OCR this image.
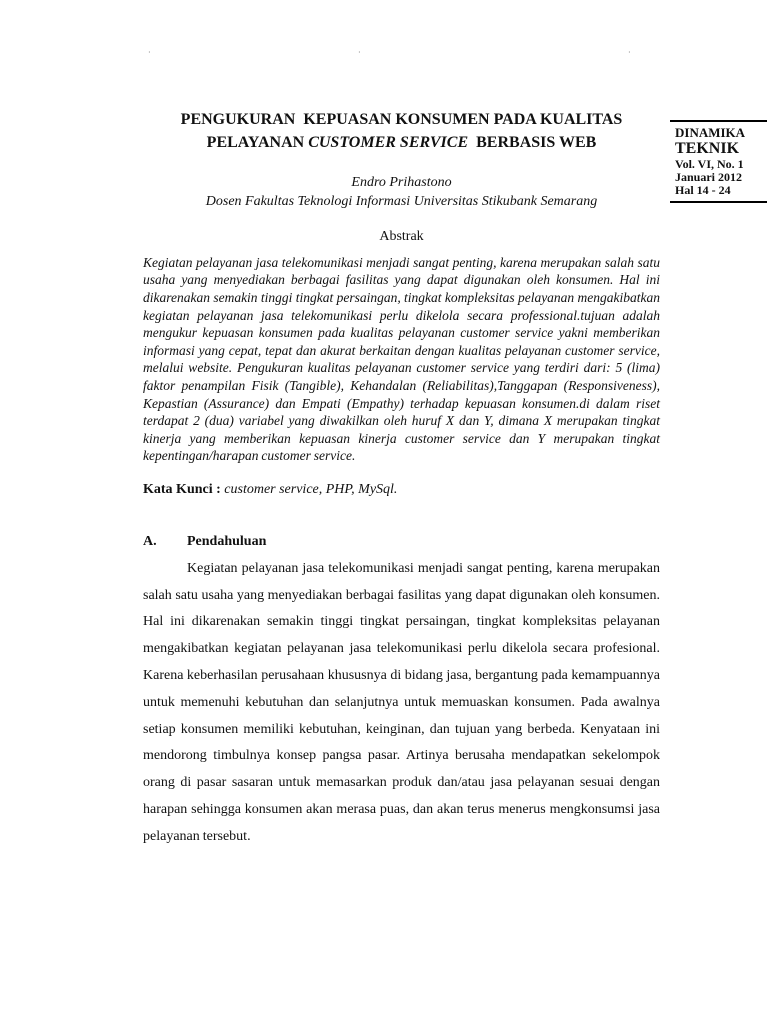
·	·	·
DINAMIKA
TEKNIK
Vol. VI, No. 1
Januari 2012
Hal 14 - 24
PENGUKURAN  KEPUASAN KONSUMEN PADA KUALITAS
PELAYANAN CUSTOMER SERVICE  BERBASIS WEB
Endro Prihastono
Dosen Fakultas Teknologi Informasi Universitas Stikubank Semarang
Abstrak
Kegiatan pelayanan jasa telekomunikasi menjadi sangat penting, karena merupakan salah satu usaha yang menyediakan berbagai fasilitas yang dapat digunakan oleh konsumen. Hal ini dikarenakan semakin tinggi tingkat persaingan, tingkat kompleksitas pelayanan mengakibatkan kegiatan pelayanan jasa telekomunikasi perlu dikelola secara professional.tujuan adalah mengukur kepuasan konsumen pada kualitas pelayanan customer service yakni memberikan informasi yang cepat, tepat dan akurat berkaitan dengan kualitas pelayanan customer service, melalui website. Pengukuran kualitas pelayanan customer service yang terdiri dari: 5 (lima) faktor penampilan Fisik (Tangible), Kehandalan (Reliabilitas),Tanggapan (Responsiveness), Kepastian (Assurance) dan Empati (Empathy) terhadap kepuasan konsumen.di dalam riset terdapat 2 (dua) variabel yang diwakilkan oleh huruf X dan Y, dimana X merupakan tingkat kinerja yang memberikan kepuasan kinerja customer service dan Y merupakan tingkat kepentingan/harapan customer service.
Kata Kunci : customer service, PHP, MySql.
A.	Pendahuluan
Kegiatan pelayanan jasa telekomunikasi menjadi sangat penting, karena merupakan salah satu usaha yang menyediakan berbagai fasilitas yang dapat digunakan oleh konsumen. Hal ini dikarenakan semakin tinggi tingkat persaingan, tingkat kompleksitas pelayanan mengakibatkan kegiatan pelayanan jasa telekomunikasi perlu dikelola secara profesional. Karena keberhasilan perusahaan khususnya di bidang jasa, bergantung pada kemampuannya untuk memenuhi kebutuhan dan selanjutnya untuk memuaskan konsumen. Pada awalnya setiap konsumen memiliki kebutuhan, keinginan, dan tujuan yang berbeda. Kenyataan ini mendorong timbulnya konsep pangsa pasar. Artinya berusaha mendapatkan sekelompok orang di pasar sasaran untuk memasarkan produk dan/atau jasa pelayanan sesuai dengan harapan sehingga konsumen akan merasa puas, dan akan terus menerus mengkonsumsi jasa pelayanan tersebut.
